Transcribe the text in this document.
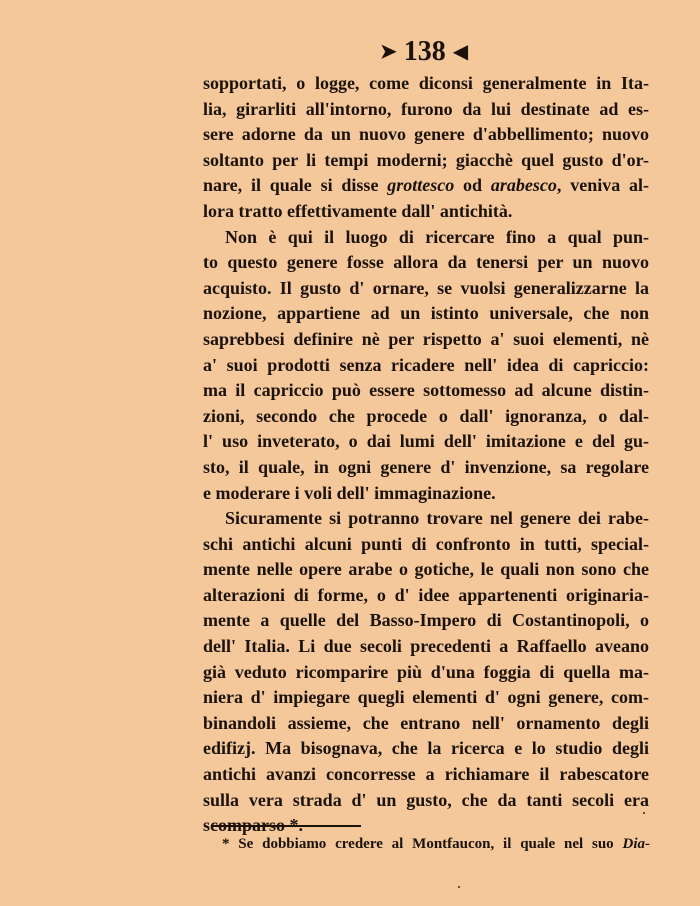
➤ 138 ◀
sopportati, o logge, come diconsi generalmente in Ita-
lia, girarliti all'intorno, furono da lui destinate ad es-
sere adorne da un nuovo genere d'abbellimento; nuovo
soltanto per li tempi moderni; giacchè quel gusto d'or-
nare, il quale si disse grottesco od arabesco, veniva al-
lora tratto effettivamente dall' antichità.
Non è qui il luogo di ricercare fino a qual pun-
to questo genere fosse allora da tenersi per un nuovo
acquisto. Il gusto d' ornare, se vuolsi generalizzarne la
nozione, appartiene ad un istinto universale, che non
saprebbesi definire nè per rispetto a' suoi elementi, nè
a' suoi prodotti senza ricadere nell' idea di capriccio:
ma il capriccio può essere sottomesso ad alcune distin-
zioni, secondo che procede o dall' ignoranza, o dal-
l' uso inveterato, o dai lumi dell' imitazione e del gu-
sto, il quale, in ogni genere d' invenzione, sa regolare
e moderare i voli dell' immaginazione.
Sicuramente si potranno trovare nel genere dei rabe-
schi antichi alcuni punti di confronto in tutti, special-
mente nelle opere arabe o gotiche, le quali non sono che
alterazioni di forme, o d' idee appartenenti originaria-
mente a quelle del Basso-Impero di Costantinopoli, o
dell' Italia. Li due secoli precedenti a Raffaello aveano
già veduto ricomparire più d'una foggia di quella ma-
niera d' impiegare quegli elementi d' ogni genere, com-
binandoli assieme, che entrano nell' ornamento degli
edifizj. Ma bisognava, che la ricerca e lo studio degli
antichi avanzi concorresse a richiamare il rabescatore
sulla vera strada d' un gusto, che da tanti secoli era
scomparso *.
* Se dobbiamo credere al Montfaucon, il quale nel suo Dia-
